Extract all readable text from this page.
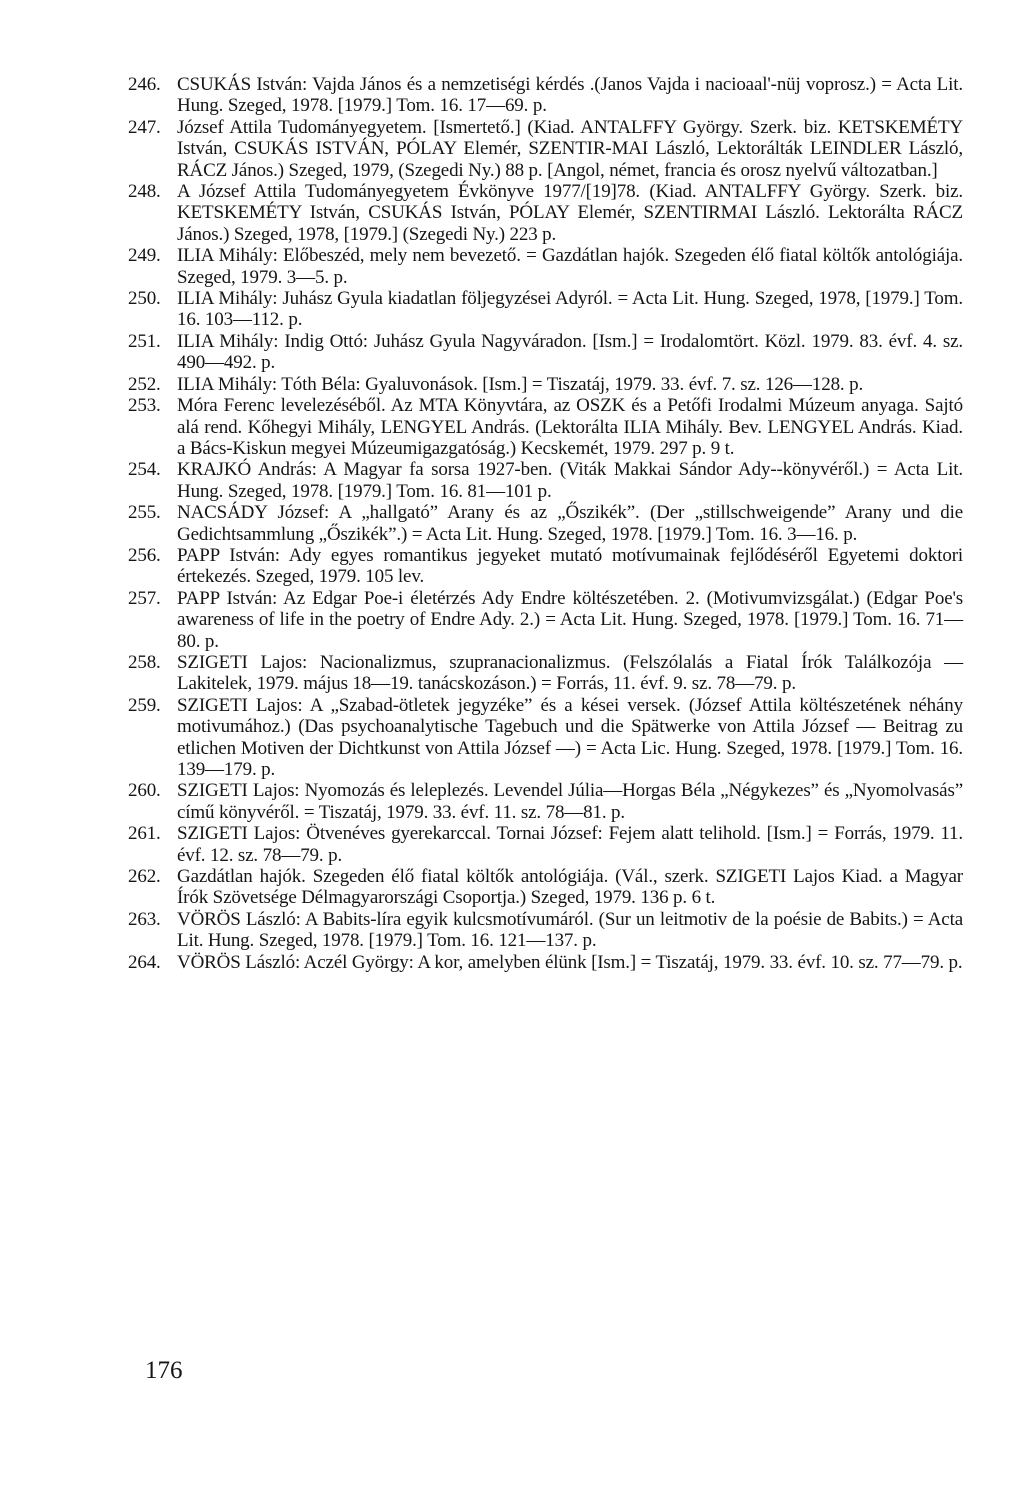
246. CSUKÁS István: Vajda János és a nemzetiségi kérdés .(Janos Vajda i nacioaal'-nüj voprosz.) = Acta Lit. Hung. Szeged, 1978. [1979.] Tom. 16. 17—69. p.
247. József Attila Tudományegyetem. [Ismertető.] (Kiad. ANTALFFY György. Szerk. biz. KETSKEMÉTY István, CSUKÁS ISTVÁN, PÓLAY Elemér, SZENTIR-MAI László, Lektorálták LEINDLER László, RÁCZ János.) Szeged, 1979, (Szegedi Ny.) 88 p. [Angol, német, francia és orosz nyelvű változatban.]
248. A József Attila Tudományegyetem Évkönyve 1977/[19]78. (Kiad. ANTALFFY György. Szerk. biz. KETSKEMÉTY István, CSUKÁS István, PÓLAY Elemér, SZENTIRMAI László. Lektorálta RÁCZ János.) Szeged, 1978, [1979.] (Szegedi Ny.) 223 p.
249. ILIA Mihály: Előbeszéd, mely nem bevezető. = Gazdátlan hajók. Szegeden élő fiatal költők antológiája. Szeged, 1979. 3—5. p.
250. ILIA Mihály: Juhász Gyula kiadatlan följegyzései Adyról. = Acta Lit. Hung. Szeged, 1978, [1979.] Tom. 16. 103—112. p.
251. ILIA Mihály: Indig Ottó: Juhász Gyula Nagyváradon. [Ism.] = Irodalomtört. Közl. 1979. 83. évf. 4. sz. 490—492. p.
252. ILIA Mihály: Tóth Béla: Gyaluvonások. [Ism.] = Tiszatáj, 1979. 33. évf. 7. sz. 126—128. p.
253. Móra Ferenc levelezéséből. Az MTA Könyvtára, az OSZK és a Petőfi Irodalmi Múzeum anyaga. Sajtó alá rend. Kőhegyi Mihály, LENGYEL András. (Lektorálta ILIA Mihály. Bev. LENGYEL András. Kiad. a Bács-Kiskun megyei Múzeumigazgatóság.) Kecskemét, 1979. 297 p. 9 t.
254. KRAJKÓ András: A Magyar fa sorsa 1927-ben. (Viták Makkai Sándor Ady--könyvéről.) = Acta Lit. Hung. Szeged, 1978. [1979.] Tom. 16. 81—101 p.
255. NACSÁDY József: A „hallgató” Arany és az „Őszikék”. (Der „stillschweigende” Arany und die Gedichtsammlung „Őszikék”.) = Acta Lit. Hung. Szeged, 1978. [1979.] Tom. 16. 3—16. p.
256. PAPP István: Ady egyes romantikus jegyeket mutató motívumainak fejlődéséről Egyetemi doktori értekezés. Szeged, 1979. 105 lev.
257. PAPP István: Az Edgar Poe-i életérzés Ady Endre költészetében. 2. (Motivumvizsgálat.) (Edgar Poe's awareness of life in the poetry of Endre Ady. 2.) = Acta Lit. Hung. Szeged, 1978. [1979.] Tom. 16. 71—80. p.
258. SZIGETI Lajos: Nacionalizmus, szupranacionalizmus. (Felszólalás a Fiatal Írók Találkozója — Lakitelek, 1979. május 18—19. tanácskozáson.) = Forrás, 11. évf. 9. sz. 78—79. p.
259. SZIGETI Lajos: A „Szabad-ötletek jegyzéke” és a kései versek. (József Attila költészetének néhány motivumához.) (Das psychoanalytische Tagebuch und die Spätwerke von Attila József — Beitrag zu etlichen Motiven der Dichtkunst von Attila József —) = Acta Lic. Hung. Szeged, 1978. [1979.] Tom. 16. 139—179. p.
260. SZIGETI Lajos: Nyomozás és leleplezés. Levendel Júlia—Horgas Béla „Négykezes” és „Nyomolvasás” című könyvéről. = Tiszatáj, 1979. 33. évf. 11. sz. 78—81. p.
261. SZIGETI Lajos: Ötvenéves gyerekarccal. Tornai József: Fejem alatt telihold. [Ism.] = Forrás, 1979. 11. évf. 12. sz. 78—79. p.
262. Gazdátlan hajók. Szegeden élő fiatal költők antológiája. (Vál., szerk. SZIGETI Lajos Kiad. a Magyar Írók Szövetsége Délmagyarországi Csoportja.) Szeged, 1979. 136 p. 6 t.
263. VÖRÖS László: A Babits-líra egyik kulcsmotívumáról. (Sur un leitmotiv de la poésie de Babits.) = Acta Lit. Hung. Szeged, 1978. [1979.] Tom. 16. 121—137. p.
264. VÖRÖS László: Aczél György: A kor, amelyben élünk [Ism.] = Tiszatáj, 1979. 33. évf. 10. sz. 77—79. p.
176
